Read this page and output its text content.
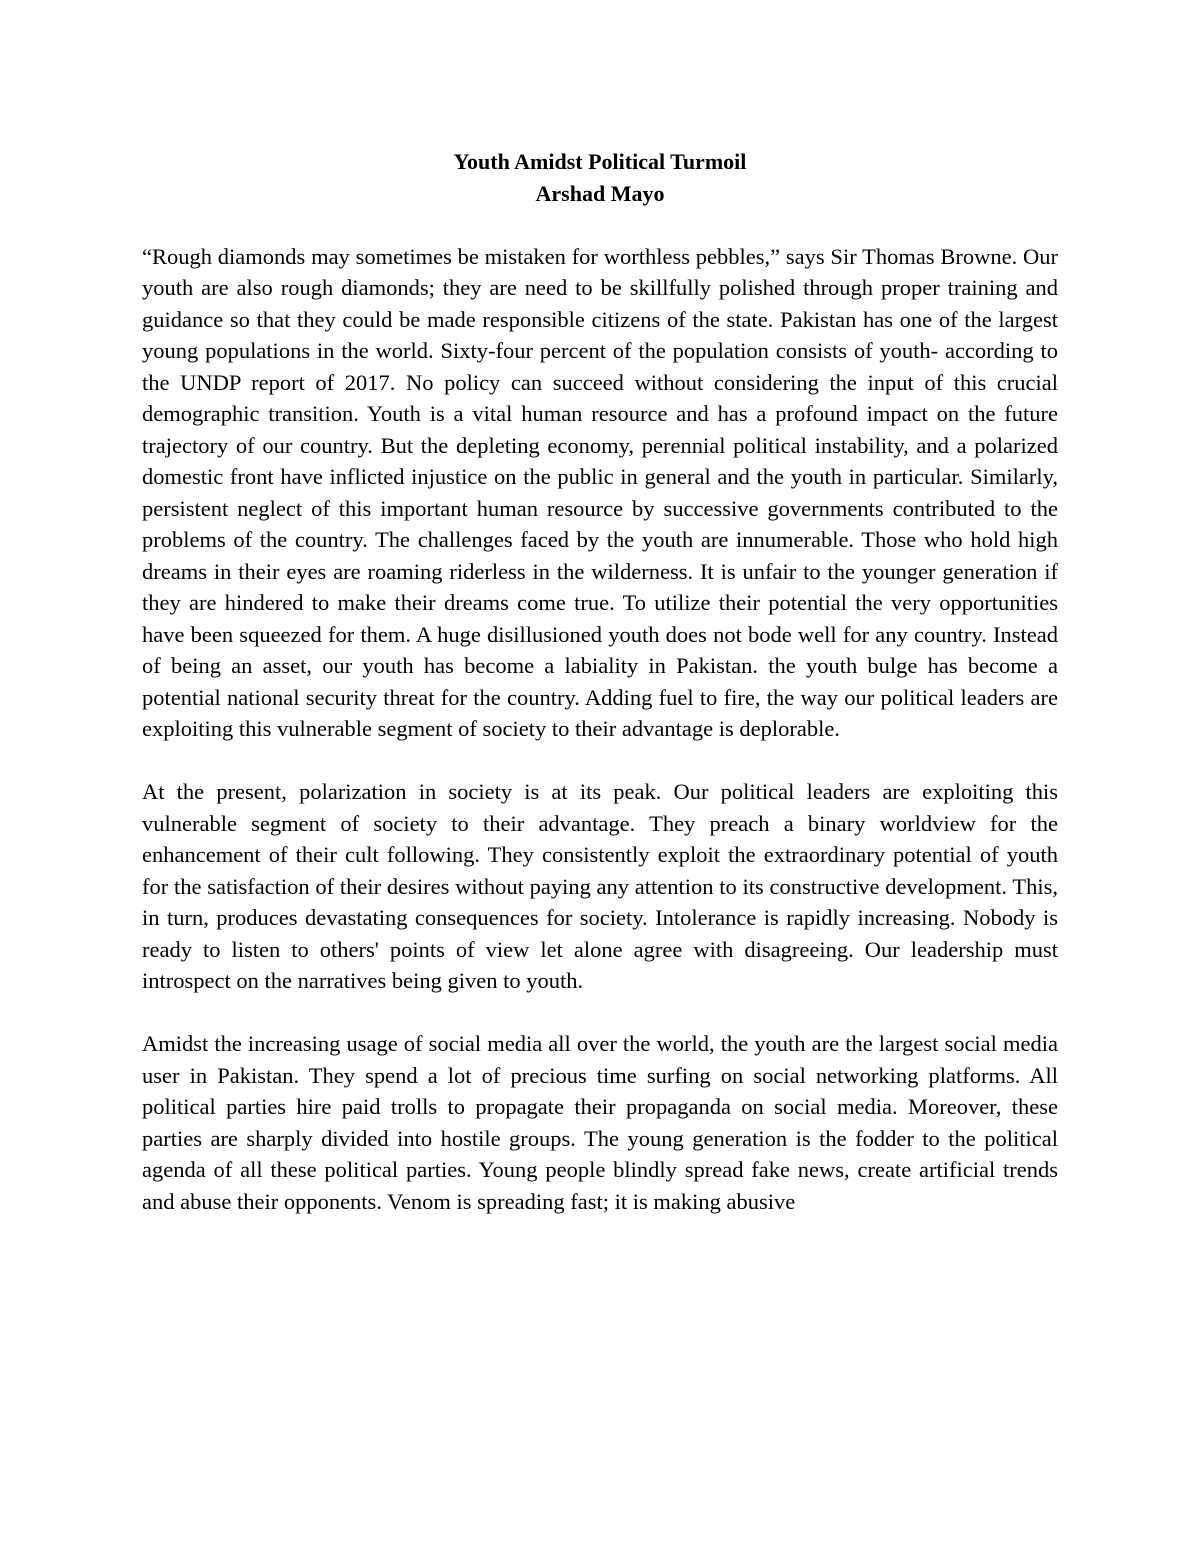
Youth Amidst Political Turmoil

Arshad Mayo

“Rough diamonds may sometimes be mistaken for worthless pebbles,” says Sir Thomas Browne. Our youth are also rough diamonds; they are need to be skillfully polished through proper training and guidance so that they could be made responsible citizens of the state. Pakistan has one of the largest young populations in the world. Sixty-four percent of the population consists of youth- according to the UNDP report of 2017. No policy can succeed without considering the input of this crucial demographic transition. Youth is a vital human resource and has a profound impact on the future trajectory of our country. But the depleting economy, perennial political instability, and a polarized domestic front have inflicted injustice on the public in general and the youth in particular. Similarly, persistent neglect of this important human resource by successive governments contributed to the problems of the country. The challenges faced by the youth are innumerable. Those who hold high dreams in their eyes are roaming riderless in the wilderness. It is unfair to the younger generation if they are hindered to make their dreams come true. To utilize their potential the very opportunities have been squeezed for them. A huge disillusioned youth does not bode well for any country. Instead of being an asset, our youth has become a labiality in Pakistan. the youth bulge has become a potential national security threat for the country. Adding fuel to fire, the way our political leaders are exploiting this vulnerable segment of society to their advantage is deplorable.

At the present, polarization in society is at its peak. Our political leaders are exploiting this vulnerable segment of society to their advantage. They preach a binary worldview for the enhancement of their cult following. They consistently exploit the extraordinary potential of youth for the satisfaction of their desires without paying any attention to its constructive development. This, in turn, produces devastating consequences for society. Intolerance is rapidly increasing. Nobody is ready to listen to others' points of view let alone agree with disagreeing. Our leadership must introspect on the narratives being given to youth.

Amidst the increasing usage of social media all over the world, the youth are the largest social media user in Pakistan. They spend a lot of precious time surfing on social networking platforms. All political parties hire paid trolls to propagate their propaganda on social media. Moreover, these parties are sharply divided into hostile groups. The young generation is the fodder to the political agenda of all these political parties. Young people blindly spread fake news, create artificial trends and abuse their opponents. Venom is spreading fast; it is making abusive
